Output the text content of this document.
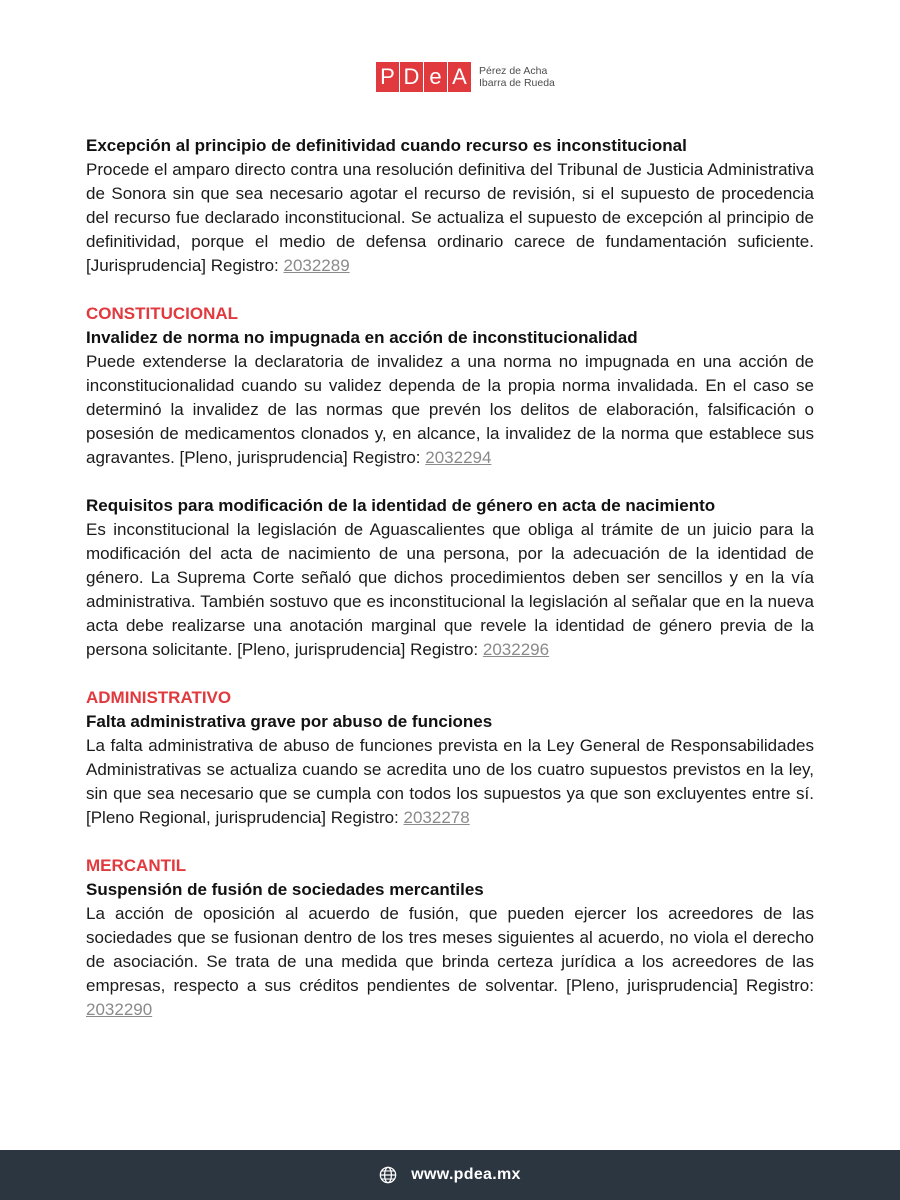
P D e A	Pérez de Acha
Ibarra de Rueda

Excepción al principio de definitividad cuando recurso es inconstitucional

Procede el amparo directo contra una resolución definitiva del Tribunal de Justicia Administrativa de Sonora sin que sea necesario agotar el recurso de revisión, si el supuesto de procedencia del recurso fue declarado inconstitucional. Se actualiza el supuesto de excepción al principio de definitividad, porque el medio de defensa ordinario carece de fundamentación suficiente. [Jurisprudencia] Registro: 2032289

CONSTITUCIONAL

Invalidez de norma no impugnada en acción de inconstitucionalidad

Puede extenderse la declaratoria de invalidez a una norma no impugnada en una acción de inconstitucionalidad cuando su validez dependa de la propia norma invalidada. En el caso se determinó la invalidez de las normas que prevén los delitos de elaboración, falsificación o posesión de medicamentos clonados y, en alcance, la invalidez de la norma que establece sus agravantes. [Pleno, jurisprudencia] Registro: 2032294

Requisitos para modificación de la identidad de género en acta de nacimiento

Es inconstitucional la legislación de Aguascalientes que obliga al trámite de un juicio para la modificación del acta de nacimiento de una persona, por la adecuación de la identidad de género. La Suprema Corte señaló que dichos procedimientos deben ser sencillos y en la vía administrativa. También sostuvo que es inconstitucional la legislación al señalar que en la nueva acta debe realizarse una anotación marginal que revele la identidad de género previa de la persona solicitante. [Pleno, jurisprudencia] Registro: 2032296

ADMINISTRATIVO

Falta administrativa grave por abuso de funciones

La falta administrativa de abuso de funciones prevista en la Ley General de Responsabilidades Administrativas se actualiza cuando se acredita uno de los cuatro supuestos previstos en la ley, sin que sea necesario que se cumpla con todos los supuestos ya que son excluyentes entre sí. [Pleno Regional, jurisprudencia] Registro: 2032278

MERCANTIL

Suspensión de fusión de sociedades mercantiles

La acción de oposición al acuerdo de fusión, que pueden ejercer los acreedores de las sociedades que se fusionan dentro de los tres meses siguientes al acuerdo, no viola el derecho de asociación. Se trata de una medida que brinda certeza jurídica a los acreedores de las empresas, respecto a sus créditos pendientes de solventar. [Pleno, jurisprudencia] Registro: 2032290

www.pdea.mx
